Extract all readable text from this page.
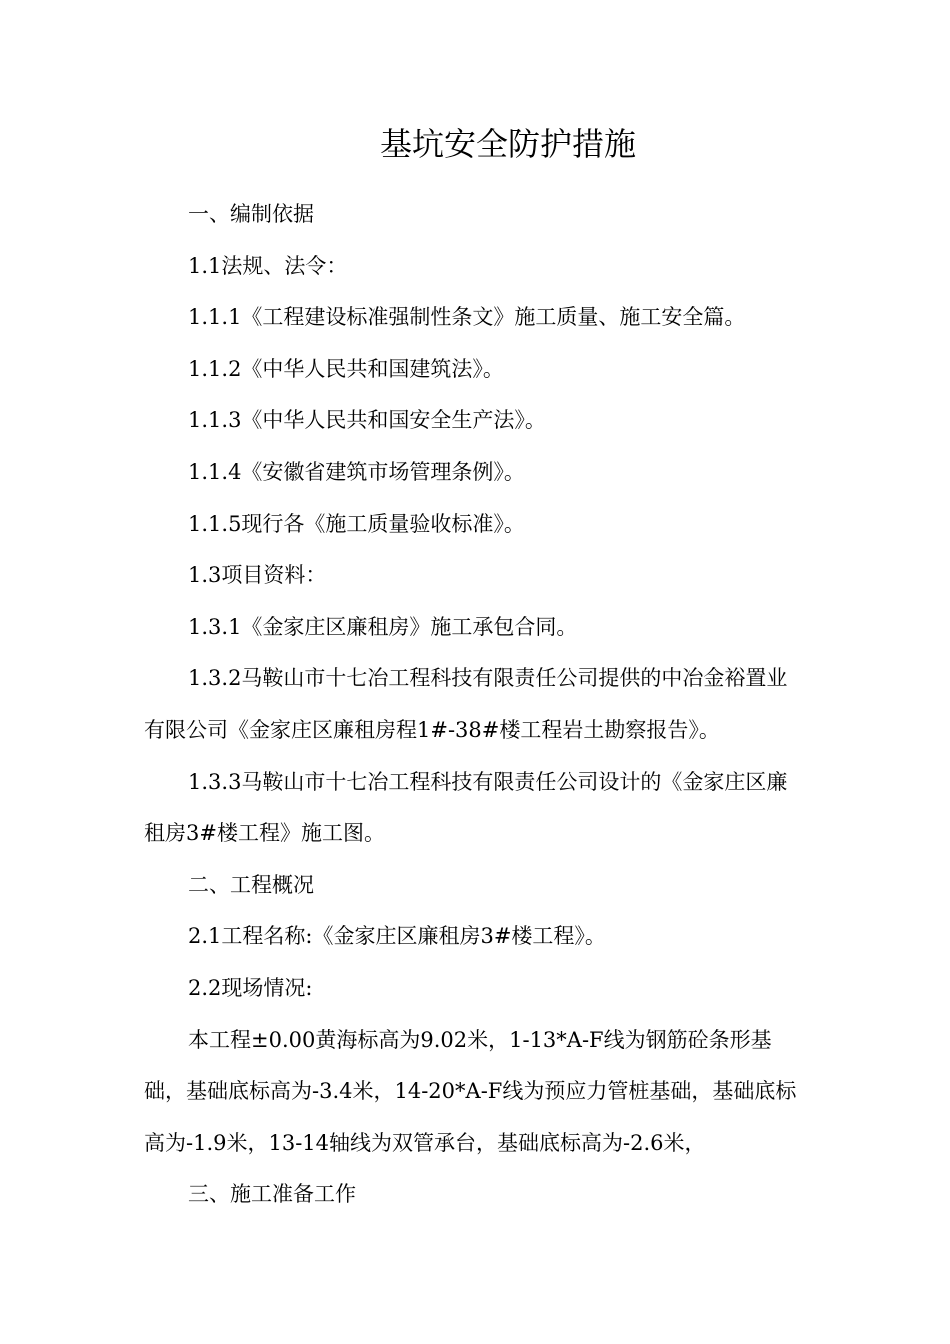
基坑安全防护措施

一、编制依据

1.1法规、法令：

1.1.1《工程建设标准强制性条文》施工质量、施工安全篇。

1.1.2《中华人民共和国建筑法》。

1.1.3《中华人民共和国安全生产法》。

1.1.4《安徽省建筑市场管理条例》。

1.1.5现行各《施工质量验收标准》。

1.3项目资料：

1.3.1《金家庄区廉租房》施工承包合同。

1.3.2马鞍山市十七冶工程科技有限责任公司提供的中冶金裕置业有限公司《金家庄区廉租房程1#-38#楼工程岩土勘察报告》。

1.3.3马鞍山市十七冶工程科技有限责任公司设计的《金家庄区廉租房3#楼工程》施工图。

二、工程概况

2.1工程名称:《金家庄区廉租房3#楼工程》。

2.2现场情况:

本工程±0.00黄海标高为9.02米，1-13*A-F线为钢筋砼条形基础，基础底标高为-3.4米，14-20*A-F线为预应力管桩基础，基础底标高为-1.9米，13-14轴线为双管承台，基础底标高为-2.6米，

三、施工准备工作
